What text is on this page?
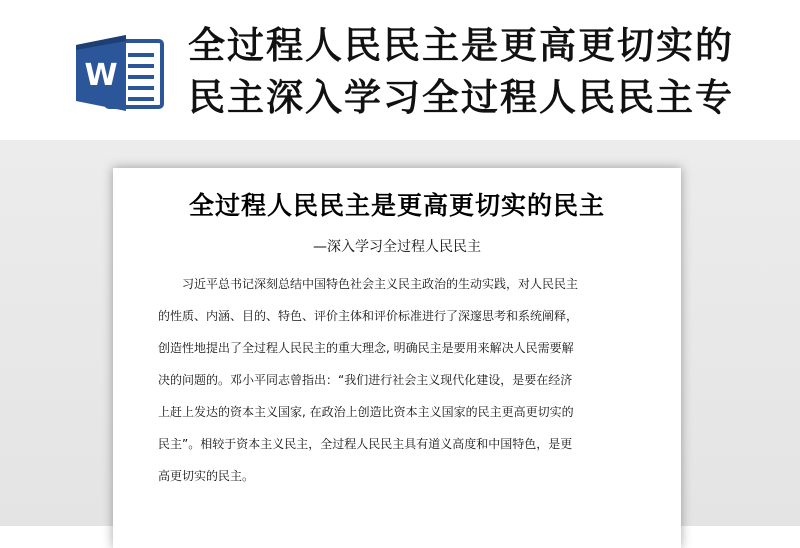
W
全过程人民民主是更高更切实的
民主深入学习全过程人民民主专
全过程人民民主是更高更切实的民主
—深入学习全过程人民民主
习近平总书记深刻总结中国特色社会主义民主政治的生动实践，对人民民主
的性质、内涵、目的、特色、评价主体和评价标准进行了深邃思考和系统阐释，
创造性地提出了全过程人民民主的重大理念, 明确民主是要用来解决人民需要解
决的问题的。邓小平同志曾指出：“我们进行社会主义现代化建设，是要在经济
上赶上发达的资本主义国家, 在政治上创造比资本主义国家的民主更高更切实的
民主”。相较于资本主义民主，全过程人民民主具有道义高度和中国特色，是更
高更切实的民主。
